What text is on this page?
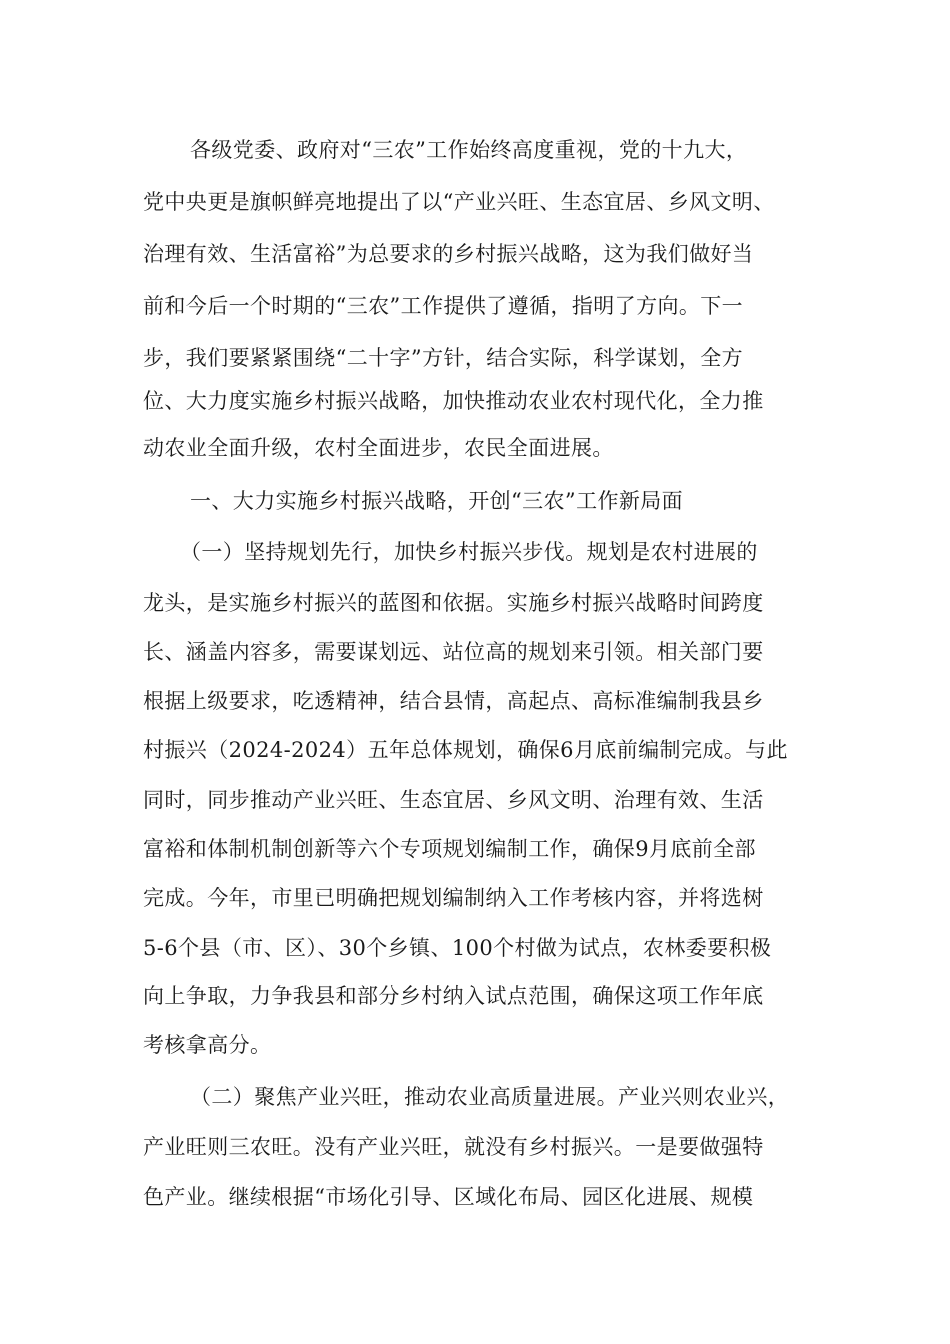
各级党委、政府对“三农”工作始终高度重视，党的十九大，
党中央更是旗帜鲜亮地提出了以“产业兴旺、生态宜居、乡风文明、
治理有效、生活富裕”为总要求的乡村振兴战略，这为我们做好当
前和今后一个时期的“三农”工作提供了遵循，指明了方向。下一
步，我们要紧紧围绕“二十字”方针，结合实际，科学谋划，全方
位、大力度实施乡村振兴战略，加快推动农业农村现代化，全力推
动农业全面升级，农村全面进步，农民全面进展。
一、大力实施乡村振兴战略，开创“三农”工作新局面
（一）坚持规划先行，加快乡村振兴步伐。规划是农村进展的
龙头，是实施乡村振兴的蓝图和依据。实施乡村振兴战略时间跨度
长、涵盖内容多，需要谋划远、站位高的规划来引领。相关部门要
根据上级要求，吃透精神，结合县情，高起点、高标准编制我县乡
村振兴（2024-2024）五年总体规划，确保6月底前编制完成。与此
同时，同步推动产业兴旺、生态宜居、乡风文明、治理有效、生活
富裕和体制机制创新等六个专项规划编制工作，确保9月底前全部
完成。今年，市里已明确把规划编制纳入工作考核内容，并将选树
5-6个县（市、区）、30个乡镇、100个村做为试点，农林委要积极
向上争取，力争我县和部分乡村纳入试点范围，确保这项工作年底
考核拿高分。
（二）聚焦产业兴旺，推动农业高质量进展。产业兴则农业兴，
产业旺则三农旺。没有产业兴旺，就没有乡村振兴。一是要做强特
色产业。继续根据“市场化引导、区域化布局、园区化进展、规模
